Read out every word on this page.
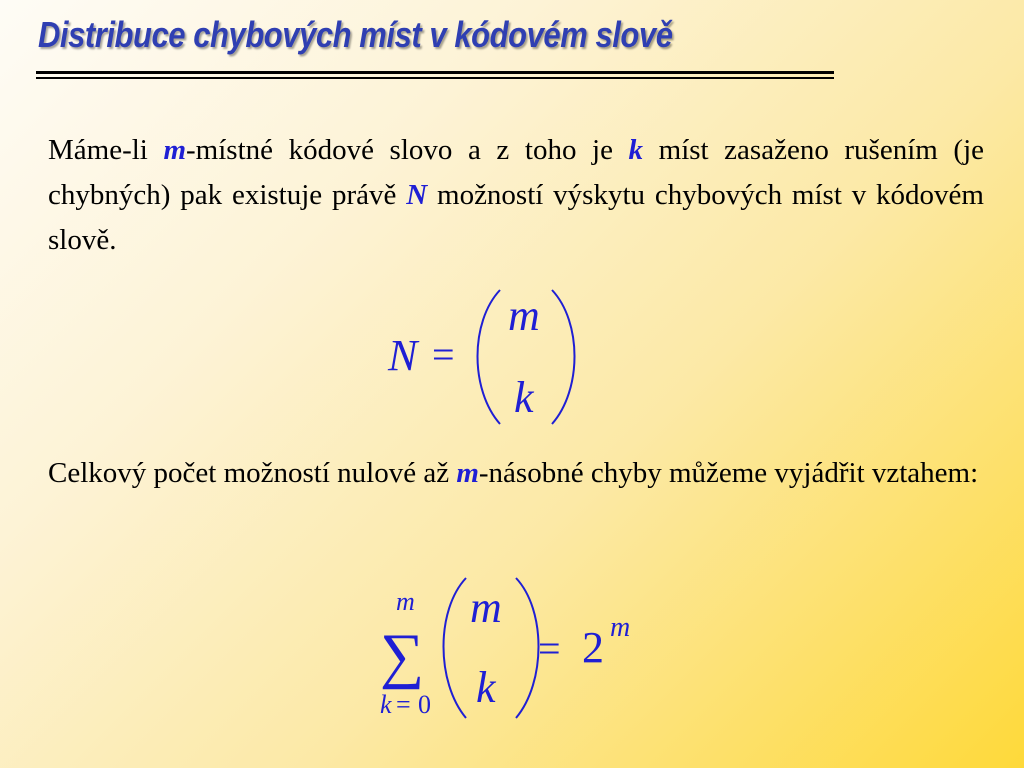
Distribuce chybových míst v kódovém slově

Máme-li m-místné kódové slovo a z toho je k míst zasaženo rušením (je chybných) pak existuje právě N možností výskytu chybových míst v kódovém slově.

N =
m
k

Celkový počet možností nulové až m-násobné chyby můžeme vyjádřit vztahem:

m
∑
k = 0
m
k
= 2 m
